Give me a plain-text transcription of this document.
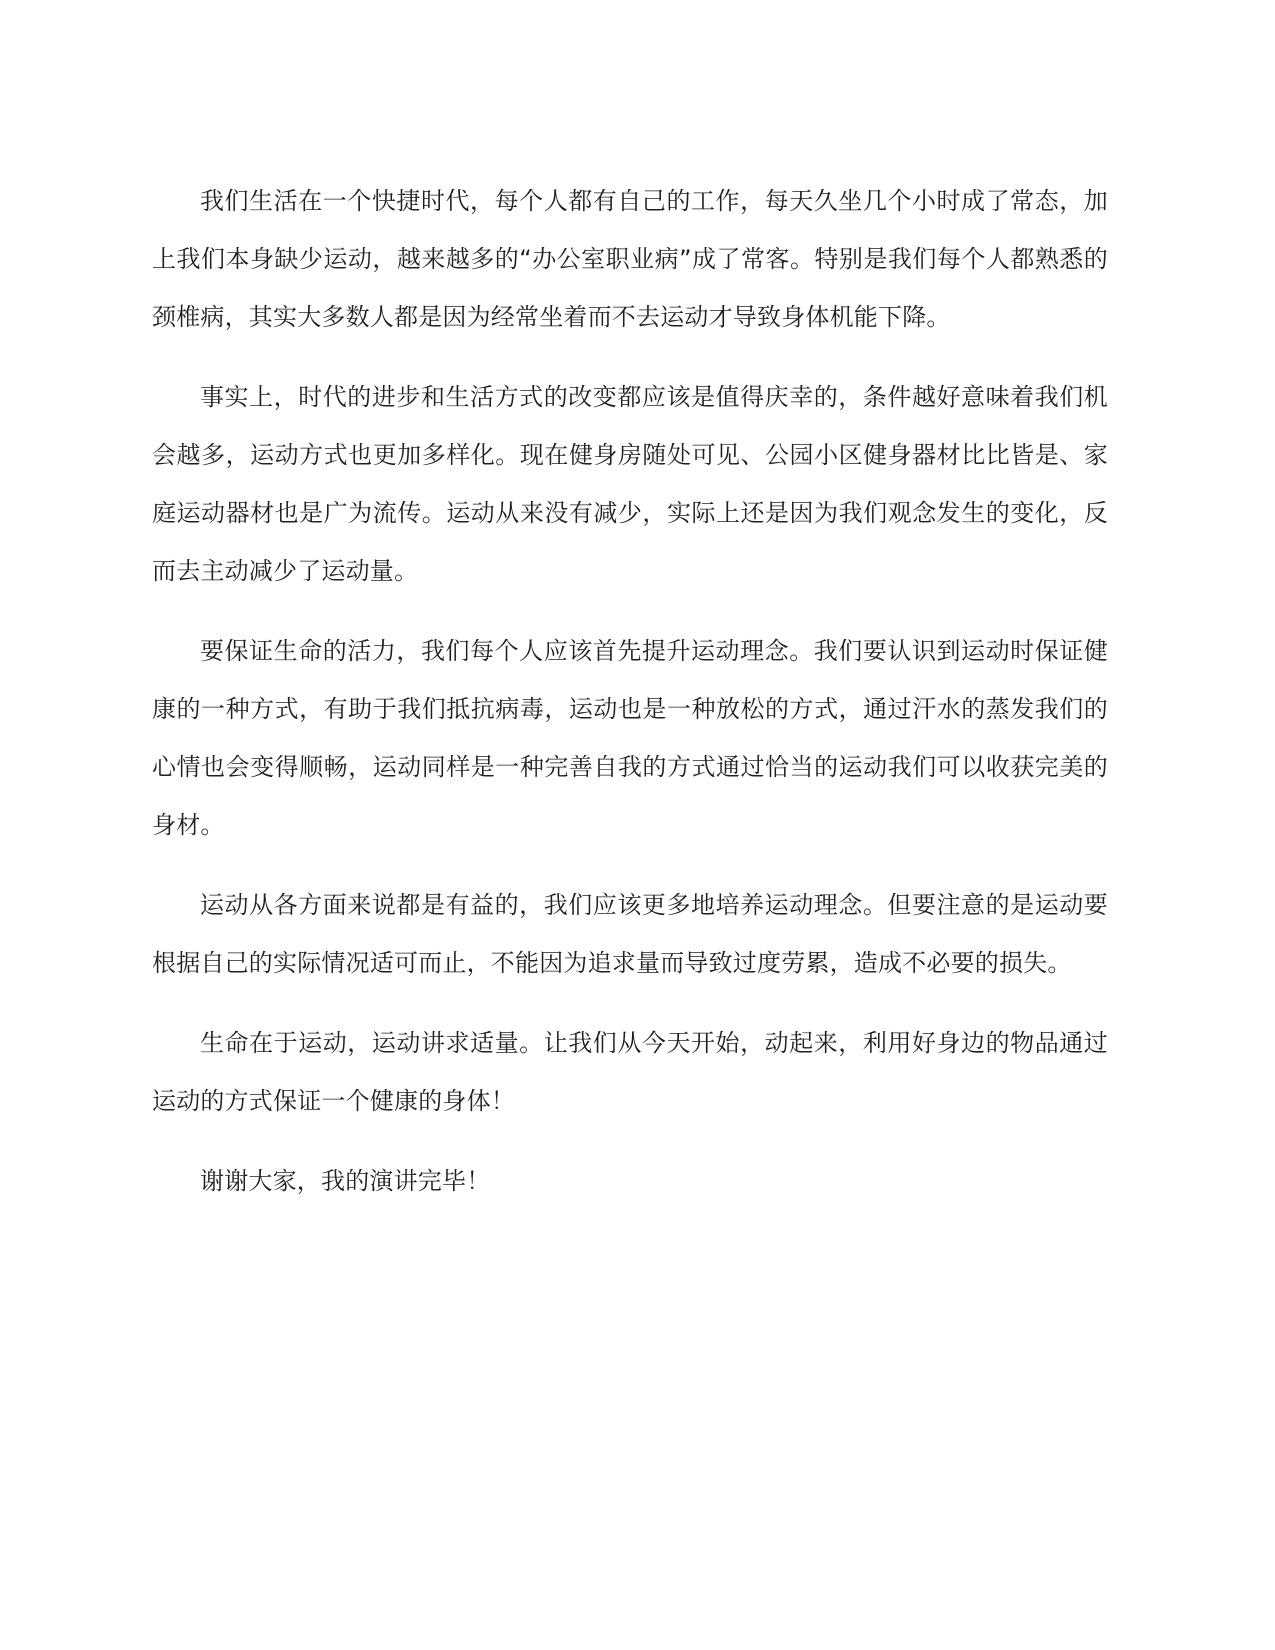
我们生活在一个快捷时代，每个人都有自己的工作，每天久坐几个小时成了常态，加上我们本身缺少运动，越来越多的“办公室职业病”成了常客。特别是我们每个人都熟悉的颈椎病，其实大多数人都是因为经常坐着而不去运动才导致身体机能下降。

事实上，时代的进步和生活方式的改变都应该是值得庆幸的，条件越好意味着我们机会越多，运动方式也更加多样化。现在健身房随处可见、公园小区健身器材比比皆是、家庭运动器材也是广为流传。运动从来没有减少，实际上还是因为我们观念发生的变化，反而去主动减少了运动量。

要保证生命的活力，我们每个人应该首先提升运动理念。我们要认识到运动时保证健康的一种方式，有助于我们抵抗病毒，运动也是一种放松的方式，通过汗水的蒸发我们的心情也会变得顺畅，运动同样是一种完善自我的方式通过恰当的运动我们可以收获完美的身材。

运动从各方面来说都是有益的，我们应该更多地培养运动理念。但要注意的是运动要根据自己的实际情况适可而止，不能因为追求量而导致过度劳累，造成不必要的损失。

生命在于运动，运动讲求适量。让我们从今天开始，动起来，利用好身边的物品通过运动的方式保证一个健康的身体！

谢谢大家，我的演讲完毕！
